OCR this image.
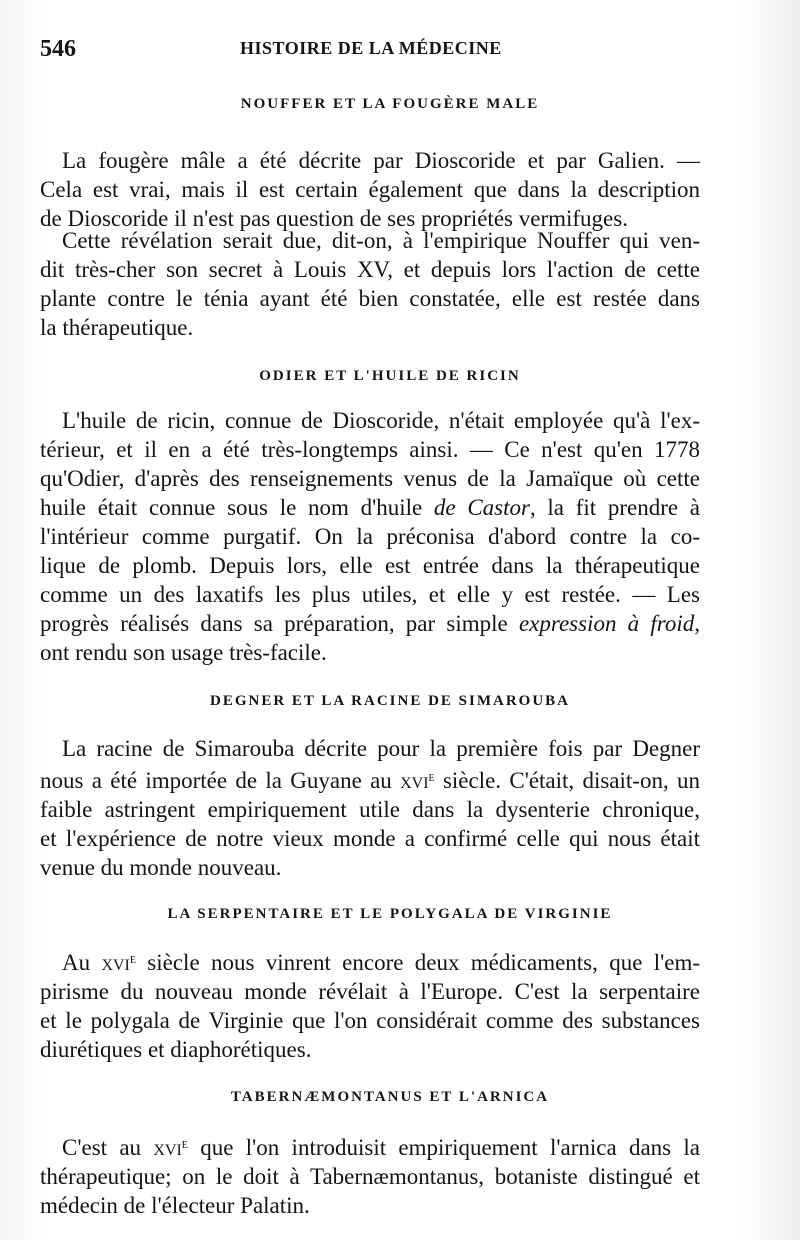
546	HISTOIRE DE LA MÉDECINE
NOUFFER ET LA FOUGÈRE MALE
La fougère mâle a été décrite par Dioscoride et par Galien. —
Cela est vrai, mais il est certain également que dans la description
de Dioscoride il n'est pas question de ses propriétés vermifuges.
Cette révélation serait due, dit-on, à l'empirique Nouffer qui ven-
dit très-cher son secret à Louis XV, et depuis lors l'action de cette
plante contre le ténia ayant été bien constatée, elle est restée dans
la thérapeutique.
ODIER ET L'HUILE DE RICIN
L'huile de ricin, connue de Dioscoride, n'était employée qu'à l'ex-
térieur, et il en a été très-longtemps ainsi. — Ce n'est qu'en 1778
qu'Odier, d'après des renseignements venus de la Jamaïque où cette
huile était connue sous le nom d'huile de Castor, la fit prendre à
l'intérieur comme purgatif. On la préconisa d'abord contre la co-
lique de plomb. Depuis lors, elle est entrée dans la thérapeutique
comme un des laxatifs les plus utiles, et elle y est restée. — Les
progrès réalisés dans sa préparation, par simple expression à froid,
ont rendu son usage très-facile.
DEGNER ET LA RACINE DE SIMAROUBA
La racine de Simarouba décrite pour la première fois par Degner
nous a été importée de la Guyane au xvi$^e$ siècle. C'était, disait-on, un
faible astringent empiriquement utile dans la dysenterie chronique,
et l'expérience de notre vieux monde a confirmé celle qui nous était
venue du monde nouveau.
LA SERPENTAIRE ET LE POLYGALA DE VIRGINIE
Au xvi$^e$ siècle nous vinrent encore deux médicaments, que l'em-
pirisme du nouveau monde révélait à l'Europe. C'est la serpentaire
et le polygala de Virginie que l'on considérait comme des substances
diurétiques et diaphorétiques.
TABERNÆMONTANUS ET L'ARNICA
C'est au xvi$^e$ que l'on introduisit empiriquement l'arnica dans la
thérapeutique; on le doit à Tabernæmontanus, botaniste distingué et
médecin de l'électeur Palatin.
